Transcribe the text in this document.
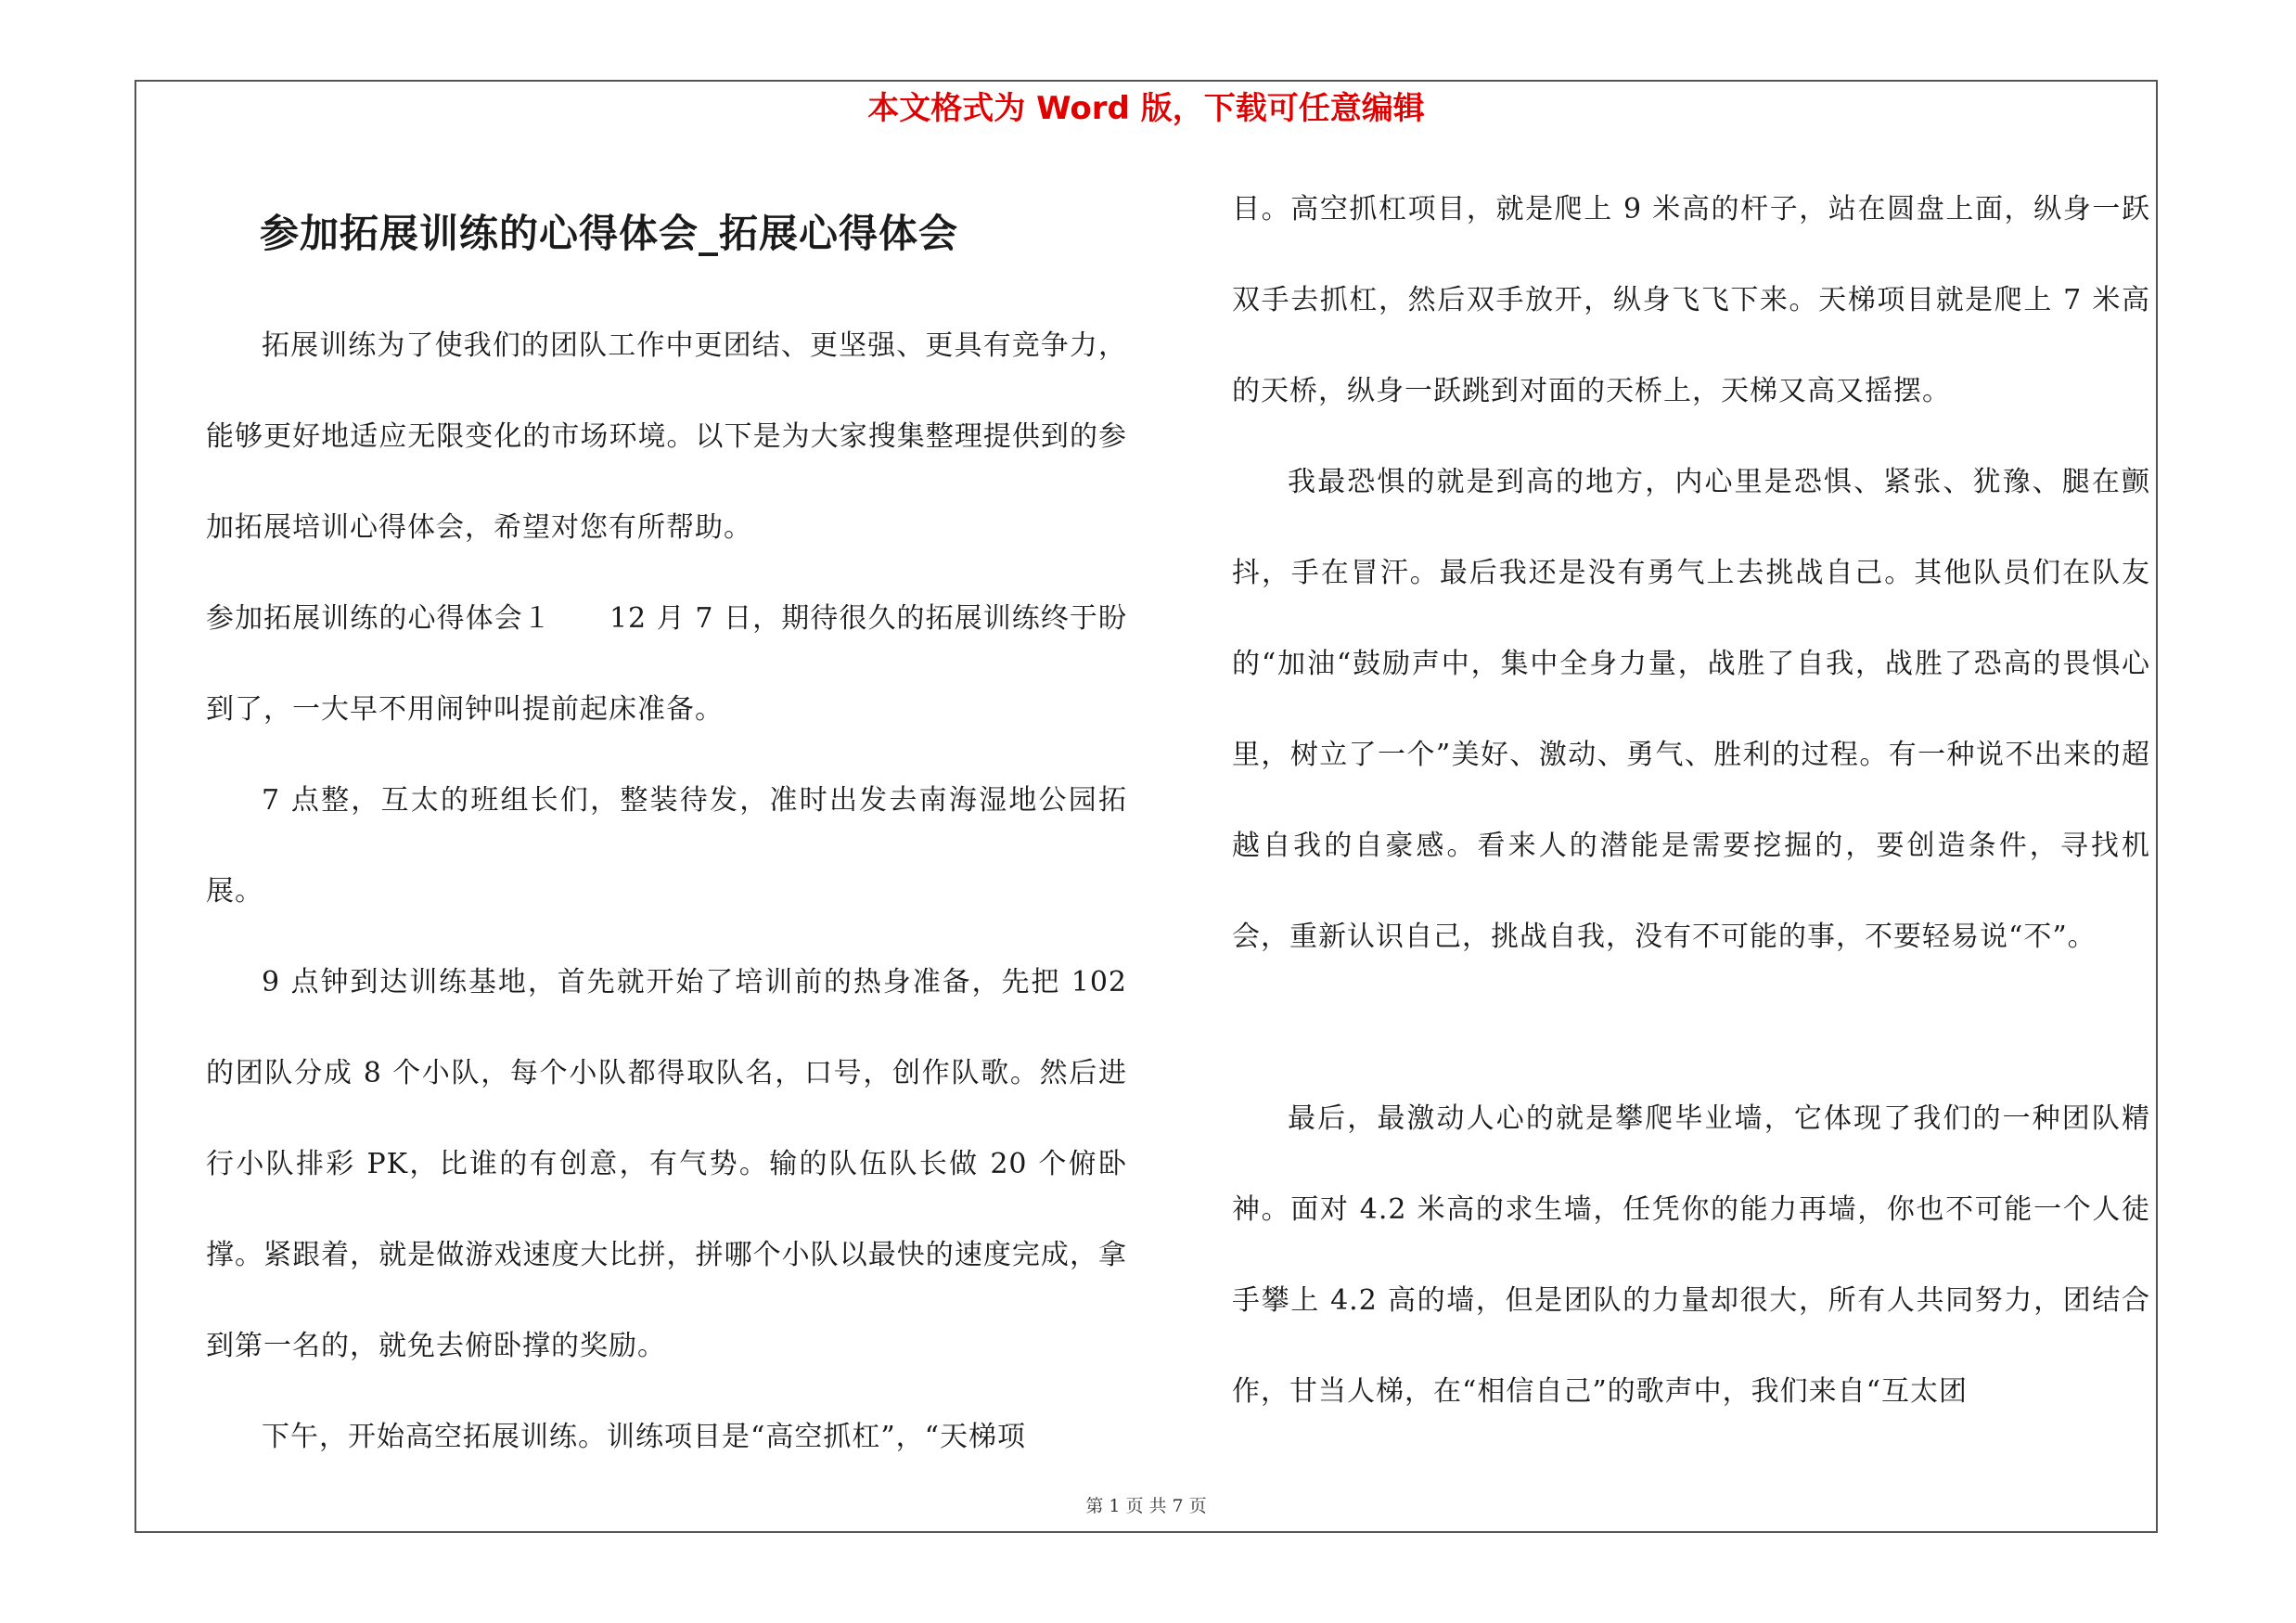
本文格式为 Word 版，下载可任意编辑
参加拓展训练的心得体会_拓展心得体会

拓展训练为了使我们的团队工作中更团结、更坚强、更具有竞争力，能够更好地适应无限变化的市场环境。以下是为大家搜集整理提供到的参加拓展培训心得体会，希望对您有所帮助。

参加拓展训练的心得体会１　　12 月 7 日，期待很久的拓展训练终于盼到了，一大早不用闹钟叫提前起床准备。

7 点整，互太的班组长们，整装待发，准时出发去南海湿地公园拓展。

9 点钟到达训练基地，首先就开始了培训前的热身准备，先把 102 的团队分成 8 个小队，每个小队都得取队名，口号，创作队歌。然后进行小队排彩 PK，比谁的有创意，有气势。输的队伍队长做 20 个俯卧撑。紧跟着，就是做游戏速度大比拼，拼哪个小队以最快的速度完成，拿到第一名的，就免去俯卧撑的奖励。

下午，开始高空拓展训练。训练项目是“高空抓杠”，“天梯项

目。高空抓杠项目，就是爬上 9 米高的杆子，站在圆盘上面，纵身一跃双手去抓杠，然后双手放开，纵身飞飞下来。天梯项目就是爬上 7 米高的天桥，纵身一跃跳到对面的天桥上，天梯又高又摇摆。

我最恐惧的就是到高的地方，内心里是恐惧、紧张、犹豫、腿在颤抖，手在冒汗。最后我还是没有勇气上去挑战自己。其他队员们在队友的“加油“鼓励声中，集中全身力量，战胜了自我，战胜了恐高的畏惧心里，树立了一个”美好、激动、勇气、胜利的过程。有一种说不出来的超越自我的自豪感。看来人的潜能是需要挖掘的，要创造条件，寻找机会，重新认识自己，挑战自我，没有不可能的事，不要轻易说“不”。

最后，最激动人心的就是攀爬毕业墙，它体现了我们的一种团队精神。面对 4.2 米高的求生墙，任凭你的能力再墙，你也不可能一个人徒手攀上 4.2 高的墙，但是团队的力量却很大，所有人共同努力，团结合作，甘当人梯，在“相信自己”的歌声中，我们来自“互太团

第 1 页 共 7 页
